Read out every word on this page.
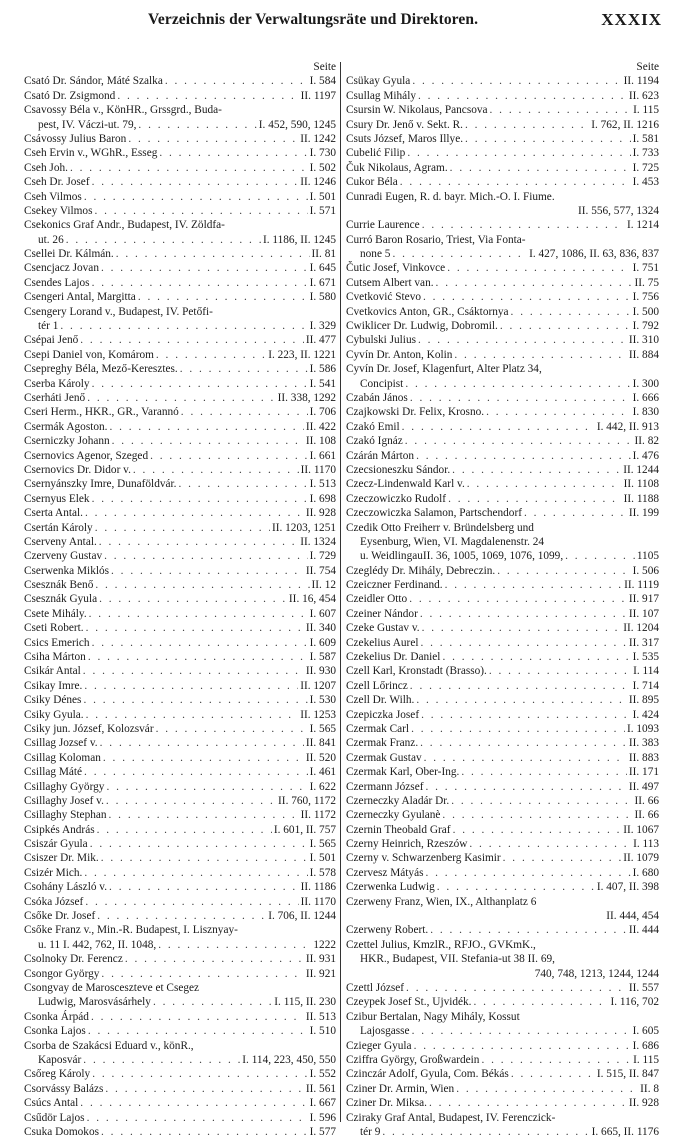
Verzeichnis der Verwaltungsräte und Direktoren.	XXXIX
Seite
Csató Dr. Sándor, Máté Szalka . . .	I. 584
Csató Dr. Zsigmond . . .	II. 1197
Csavossy Béla v., KönHR., Grssgrd., Buda-
pest, IV. Váczi-ut. 79, . . .	I. 452, 590, 1245
Csávossy Julius Baron . . .	II. 1242
Cseh Ervin v., WGhR., Esseg . . .	I. 730
Cseh Joh. . . .	I. 502
Cseh Dr. Josef . . .	II. 1246
Cseh Vilmos . . .	I. 501
Csekey Vilmos . . .	I. 571
Csekonics Graf Andr., Budapest, IV. Zöldfa-
ut. 26 . . .	I. 1186, II. 1245
Csellei Dr. Kálmán. . . .	II. 81
Csencjacz Jovan . . .	I. 645
Csendes Lajos . . .	I. 671
Csengeri Antal, Margitta . . .	I. 580
Csengery Lorand v., Budapest, IV. Petőfi-
tér 1 . . .	I. 329
Csépai Jenő . . .	II. 477
Csepi Daniel von, Komárom . . .	I. 223, II. 1221
Csepreghy Béla, Mező-Keresztes. . . .	I. 586
Cserba Károly . . .	I. 541
Cserháti Jenő . . .	II. 338, 1292
Cseri Herm., HKR., GR., Varannó . . .	I. 706
Csermák Agoston. . . .	II. 422
Cserniczky Johann . . .	II. 108
Csernovics Agenor, Szeged . . .	I. 661
Csernovics Dr. Didor v. . . .	II. 1170
Csernyánszky Imre, Dunaföldvár. . . .	I. 513
Csernyus Elek . . .	I. 698
Cserta Antal. . . .	II. 928
Csertán Károly . . .	II. 1203, 1251
Cserveny Antal. . . .	II. 1324
Czerveny Gustav . . .	I. 729
Cserwenka Miklós . . .	II. 754
Csesznák Benő . . .	II. 12
Csesznák Gyula . . .	II. 16, 454
Csete Mihály. . . .	I. 607
Cseti Robert. . . .	II. 340
Csics Emerich . . .	I. 609
Csiha Márton . . .	I. 587
Csikár Antal . . .	II. 930
Csikay Imre. . . .	II. 1207
Csiky Dénes . . .	I. 530
Csiky Gyula. . . .	II. 1253
Csiky jun. József, Kolozsvár . . .	I. 565
Csillag Jozsef v. . . .	II. 841
Csillag Koloman . . .	II. 520
Csillag Máté . . .	I. 461
Csillaghy György . . .	I. 622
Csillaghy Josef v. . . .	II. 760, 1172
Csillaghy Stephan . . .	II. 1172
Csipkés András . . .	I. 601, II. 757
Csiszár Gyula . . .	I. 565
Csiszer Dr. Mik. . . .	I. 501
Csizér Mich. . . .	I. 578
Csohány László v. . . .	II. 1186
Csóka József . . .	II. 1170
Csőke Dr. Josef . . .	I. 706, II. 1244
Csőke Franz v., Min.-R. Budapest, I. Lisznyay-
u. 11 I. 442, 762, II. 1048, . . .	1222
Csolnoky Dr. Ferencz . . .	II. 931
Csongor György . . .	II. 921
Csongvay de Marosceszteve et Csegez
Ludwig, Marosvásárhely . . .	I. 115, II. 230
Csonka Árpád . . .	II. 513
Csonka Lajos . . .	I. 510
Csorba de Szakácsi Eduard v., könR.,
Kaposvár . . .	I. 114, 223, 450, 550
Csőreg Károly . . .	I. 552
Csorvássy Balázs . . .	II. 561
Csúcs Antal . . .	I. 667
Csűdör Lajos . . .	I. 596
Csuka Domokos . . .	I. 577
Seite
Csükay Gyula . . .	II. 1194
Csullag Mihály . . .	II. 623
Csursin W. Nikolaus, Pancsova . . .	I. 115
Csury Dr. Jenő v. Sekt. R. . . .	I. 762, II. 1216
Csuts József, Maros Illye. . . .	I. 581
Cubelić Filip . . .	I. 733
Čuk Nikolaus, Agram. . . .	I. 725
Cukor Béla . . .	I. 453
Cunradi Eugen, R. d. bayr. Mich.-O. I. Fiume.
II. 556, 577, 1324
Currie Laurence . . .	I. 1214
Curró Baron Rosario, Triest, Via Fonta-
none 5 . . .	I. 427, 1086, II. 63, 836, 837
Čutic Josef, Vinkovce . . .	I. 751
Cutsem Albert van. . . .	II. 75
Cvetković Stevo . . .	I. 756
Cvetkovics Anton, GR., Csáktornya . . .	I. 500
Cwiklicer Dr. Ludwig, Dobromil. . . .	I. 792
Cybulski Julius . . .	II. 310
Cyvín Dr. Anton, Kolin . . .	II. 884
Cyvín Dr. Josef, Klagenfurt, Alter Platz 34,
Concipist . . .	I. 300
Czabán János . . .	I. 666
Czajkowski Dr. Felix, Krosno. . . .	I. 830
Czakó Emil . . .	I. 442, II. 913
Czakó Ignáz . . .	II. 82
Czárán Márton . . .	I. 476
Czecsioneszku Sándor. . . .	II. 1244
Czecz-Lindenwald Karl v. . . .	II. 1108
Czeczowiczko Rudolf . . .	II. 1188
Czeczowiczka Salamon, Partschendorf . . .	II. 199
Czedik Otto Freiherr v. Bründelsberg und
Eysenburg, Wien, VI. Magdalenenstr. 24
u. WeidlingauII. 36, 1005, 1069, 1076, 1099, . . .	1105
Czeglédy Dr. Mihály, Debreczin. . . .	I. 506
Czeiczner Ferdinand. . . .	II. 1119
Czeidler Otto . . .	II. 917
Czeiner Nándor . . .	II. 107
Czeke Gustav v. . . .	II. 1204
Czekelius Aurel . . .	II. 317
Czekelius Dr. Daniel . . .	I. 535
Czell Karl, Kronstadt (Brasso). . . .	I. 114
Czell Lőrincz . . .	I. 714
Czell Dr. Wilh. . . .	II. 895
Czepiczka Josef . . .	I. 424
Czermak Carl . . .	I. 1093
Czermak Franz. . . .	II. 383
Czermak Gustav . . .	II. 883
Czermak Karl, Ober-Ing. . . .	II. 171
Czermann József . . .	II. 497
Czerneczky Aladár Dr. . . .	II. 66
Czerneczky Gyulanè . . .	II. 66
Czernin Theobald Graf . . .	II. 1067
Czerny Heinrich, Rzeszów . . .	I. 113
Czerny v. Schwarzenberg Kasimir . . .	II. 1079
Czervesz Mátyás . . .	I. 680
Czerwenka Ludwig . . .	I. 407, II. 398
Czerweny Franz, Wien, IX., Althanplatz 6
II. 444, 454
Czerweny Robert. . . .	II. 444
Czettel Julius, KmzlR., RFJO., GVKmK.,
HKR., Budapest, VII. Stefania-ut 38 II. 69,
740, 748, 1213, 1244, 1244
Czettl József . . .	II. 557
Czeypek Josef St., Ujvidék. . . .	I. 116, 702
Czibur Bertalan, Nagy Mihály, Kossut
Lajosgasse . . .	I. 605
Czieger Gyula . . .	I. 686
Cziffra György, Großwardein . . .	I. 115
Czinczár Adolf, Gyula, Com. Békás . . .	I. 515, II. 847
Cziner Dr. Armin, Wien . . .	II. 8
Cziner Dr. Miksa. . . .	II. 928
Cziraky Graf Antal, Budapest, IV. Ferenczick-
tér 9 . . .	I. 665, II. 1176
